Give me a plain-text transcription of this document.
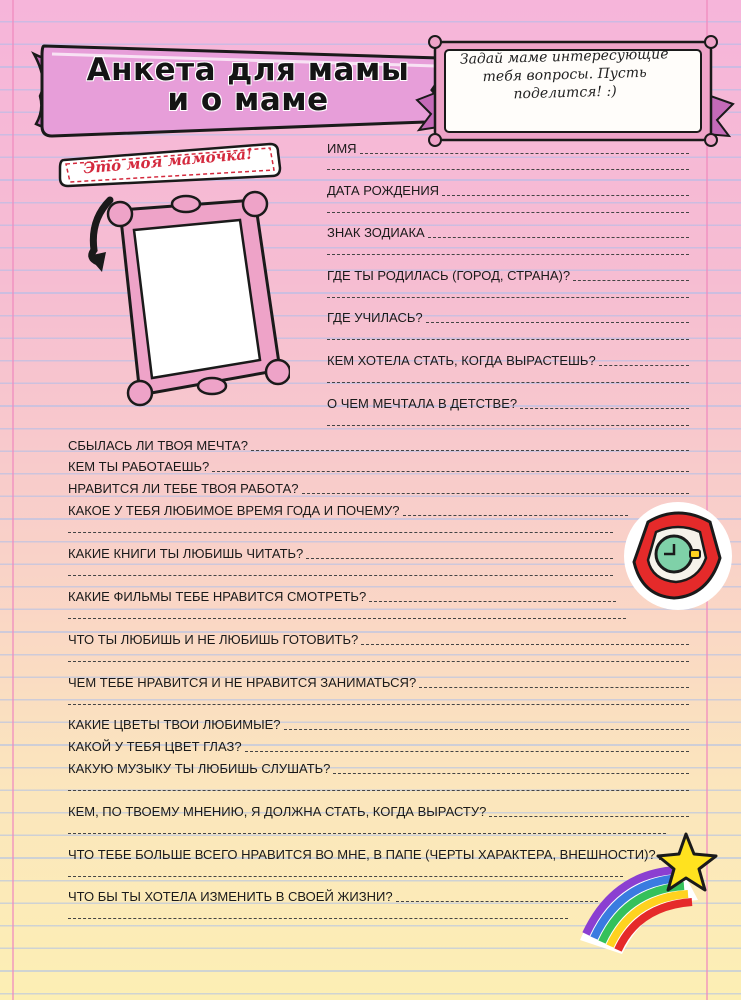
Анкета для мамы
и о маме
Задай маме интересующие тебя вопросы. Пусть поделится! :)
Это моя мамочка!	ИМЯ
ДАТА РОЖДЕНИЯ
ЗНАК ЗОДИАКА
ГДЕ ТЫ РОДИЛАСЬ (ГОРОД, СТРАНА)?
ГДЕ УЧИЛАСЬ?
КЕМ ХОТЕЛА СТАТЬ, КОГДА ВЫРАСТЕШЬ?
О ЧЕМ МЕЧТАЛА В ДЕТСТВЕ?
СБЫЛАСЬ ЛИ ТВОЯ МЕЧТА?
КЕМ ТЫ РАБОТАЕШЬ?
НРАВИТСЯ ЛИ ТЕБЕ ТВОЯ РАБОТА?
КАКОЕ У ТЕБЯ ЛЮБИМОЕ ВРЕМЯ ГОДА И ПОЧЕМУ?
КАКИЕ КНИГИ ТЫ ЛЮБИШЬ ЧИТАТЬ?
КАКИЕ ФИЛЬМЫ ТЕБЕ НРАВИТСЯ СМОТРЕТЬ?
ЧТО ТЫ ЛЮБИШЬ И НЕ ЛЮБИШЬ ГОТОВИТЬ?
ЧЕМ ТЕБЕ НРАВИТСЯ И НЕ НРАВИТСЯ ЗАНИМАТЬСЯ?
КАКИЕ ЦВЕТЫ ТВОИ ЛЮБИМЫЕ?
КАКОЙ У ТЕБЯ ЦВЕТ ГЛАЗ?
КАКУЮ МУЗЫКУ ТЫ ЛЮБИШЬ СЛУШАТЬ?
КЕМ, ПО ТВОЕМУ МНЕНИЮ, Я ДОЛЖНА СТАТЬ, КОГДА ВЫРАСТУ?
ЧТО ТЕБЕ БОЛЬШЕ ВСЕГО НРАВИТСЯ ВО МНЕ, В ПАПЕ (ЧЕРТЫ ХАРАКТЕРА, ВНЕШНОСТИ)?
ЧТО БЫ ТЫ ХОТЕЛА ИЗМЕНИТЬ В СВОЕЙ ЖИЗНИ?
